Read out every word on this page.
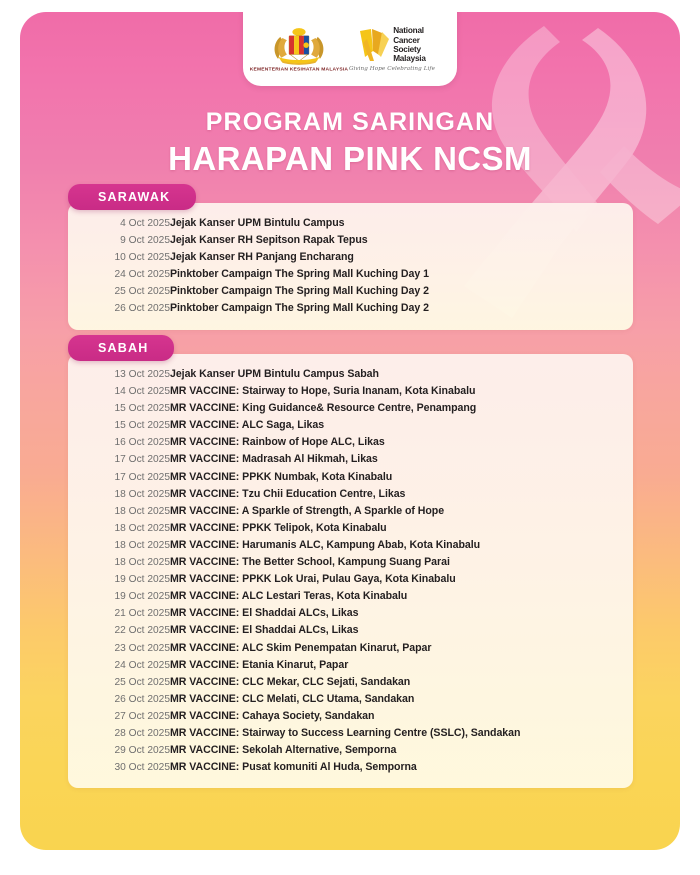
KEMENTERIAN KESIHATAN MALAYSIA
National
Cancer
Society
Malaysia
Giving Hope Celebrating Life
PROGRAM SARINGAN
HARAPAN PINK NCSM
SARAWAK
4 Oct 2025	Jejak Kanser UPM Bintulu Campus
9 Oct 2025	Jejak Kanser RH Sepitson Rapak Tepus
10 Oct 2025	Jejak Kanser RH Panjang Encharang
24 Oct 2025	Pinktober Campaign The Spring Mall Kuching Day 1
25 Oct 2025	Pinktober Campaign The Spring Mall Kuching Day 2
26 Oct 2025	Pinktober Campaign The Spring Mall Kuching Day 2
SABAH
13 Oct 2025	Jejak Kanser UPM Bintulu Campus Sabah
14 Oct 2025	MR VACCINE: Stairway to Hope, Suria Inanam, Kota Kinabalu
15 Oct 2025	MR VACCINE: King Guidance& Resource Centre, Penampang
15 Oct 2025	MR VACCINE: ALC Saga, Likas
16 Oct 2025	MR VACCINE: Rainbow of Hope ALC, Likas
17 Oct 2025	MR VACCINE: Madrasah Al Hikmah, Likas
17 Oct 2025	MR VACCINE: PPKK Numbak, Kota Kinabalu
18 Oct 2025	MR VACCINE: Tzu Chii Education Centre, Likas
18 Oct 2025	MR VACCINE: A Sparkle of Strength, A Sparkle of Hope
18 Oct 2025	MR VACCINE: PPKK Telipok, Kota Kinabalu
18 Oct 2025	MR VACCINE: Harumanis ALC, Kampung Abab, Kota Kinabalu
18 Oct 2025	MR VACCINE: The Better School, Kampung Suang Parai
19 Oct 2025	MR VACCINE: PPKK Lok Urai, Pulau Gaya, Kota Kinabalu
19 Oct 2025	MR VACCINE: ALC Lestari Teras, Kota Kinabalu
21 Oct 2025	MR VACCINE: El Shaddai ALCs, Likas
22 Oct 2025	MR VACCINE: El Shaddai ALCs, Likas
23 Oct 2025	MR VACCINE: ALC Skim Penempatan Kinarut, Papar
24 Oct 2025	MR VACCINE: Etania Kinarut, Papar
25 Oct 2025	MR VACCINE: CLC Mekar, CLC Sejati, Sandakan
26 Oct 2025	MR VACCINE: CLC Melati, CLC Utama, Sandakan
27 Oct 2025	MR VACCINE: Cahaya Society, Sandakan
28 Oct 2025	MR VACCINE: Stairway to Success Learning Centre (SSLC), Sandakan
29 Oct 2025	MR VACCINE: Sekolah Alternative, Semporna
30 Oct 2025	MR VACCINE: Pusat komuniti Al Huda, Semporna
